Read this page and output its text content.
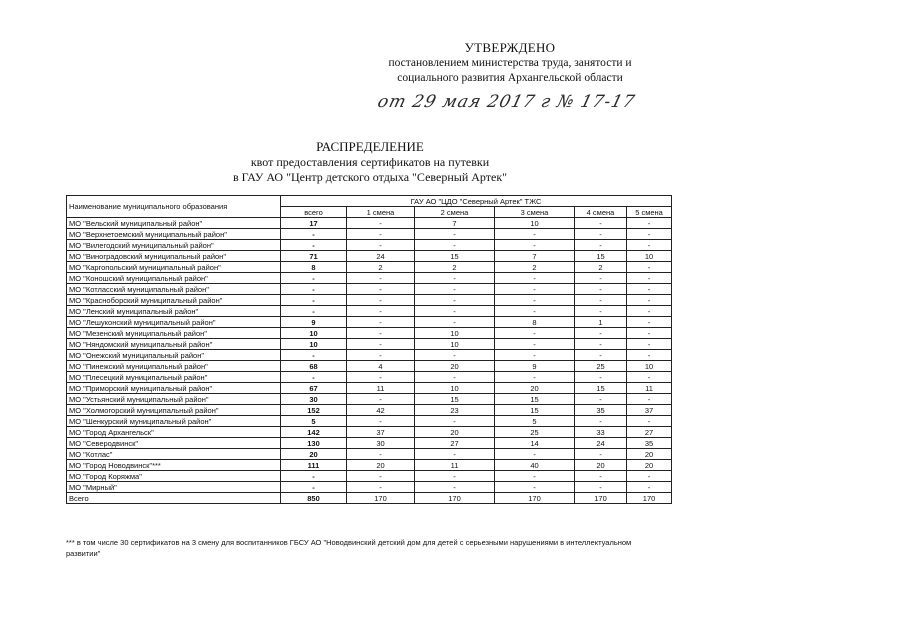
УТВЕРЖДЕНО
постановлением министерства труда, занятости и
социального развития Архангельской области
от 29 мая 2017 г № 17-17
РАСПРЕДЕЛЕНИЕ
квот предоставления сертификатов на путевки
в ГАУ АО "Центр детского отдыха "Северный Артек"
Наименование муниципального образования	ГАУ АО "ЦДО "Северный Артек" ТЖС					
	всего	1 смена	2 смена	3 смена	4 смена	5 смена
МО "Вельский муниципальный район"	17	-	7	10	-	-
МО "Верхнетоемский муниципальный район"	-	-	-	-	-	-
МО "Вилегодский муниципальный район"	-	-	-	-	-	-
МО "Виноградовский муниципальный район"	71	24	15	7	15	10
МО "Каргопольский муниципальный район"	8	2	2	2	2	-
МО "Коношский муниципальный район"	-	-	-	-	-	-
МО "Котласский муниципальный район"	-	-	-	-	-	-
МО "Красноборский муниципальный район"	-	-	-	-	-	-
МО "Ленский муниципальный район"	-	-	-	-	-	-
МО "Лешуконский муниципальный район"	9	-	-	8	1	-
МО "Мезенский муниципальный район"	10	-	10	-	-	-
МО "Няндомский муниципальный район"	10	-	10	-	-	-
МО "Онежский муниципальный район"	-	-	-	-	-	-
МО "Пинежский муниципальный район"	68	4	20	9	25	10
МО "Плесецкий муниципальный район"	-	-	-	-	-	-
МО "Приморский муниципальный район"	67	11	10	20	15	11
МО "Устьянский муниципальный район"	30	-	15	15	-	-
МО "Холмогорский муниципальный район"	152	42	23	15	35	37
МО "Шенкурский муниципальный район"	5	-	-	5	-	-
МО "Город Архангельск"	142	37	20	25	33	27
МО "Северодвинск"	130	30	27	14	24	35
МО "Котлас"	20	-	-	-	-	20
МО "Город Новодвинск"***	111	20	11	40	20	20
МО "Город Коряжма"	-	-	-	-	-	-
МО "Мирный"	-	-	-	-	-	-
Всего	850	170	170	170	170	170
*** в том числе 30 сертификатов на 3 смену для воспитанников ГБСУ АО "Новодвинский детский дом для детей с серьезными нарушениями в интеллектуальном развитии"
